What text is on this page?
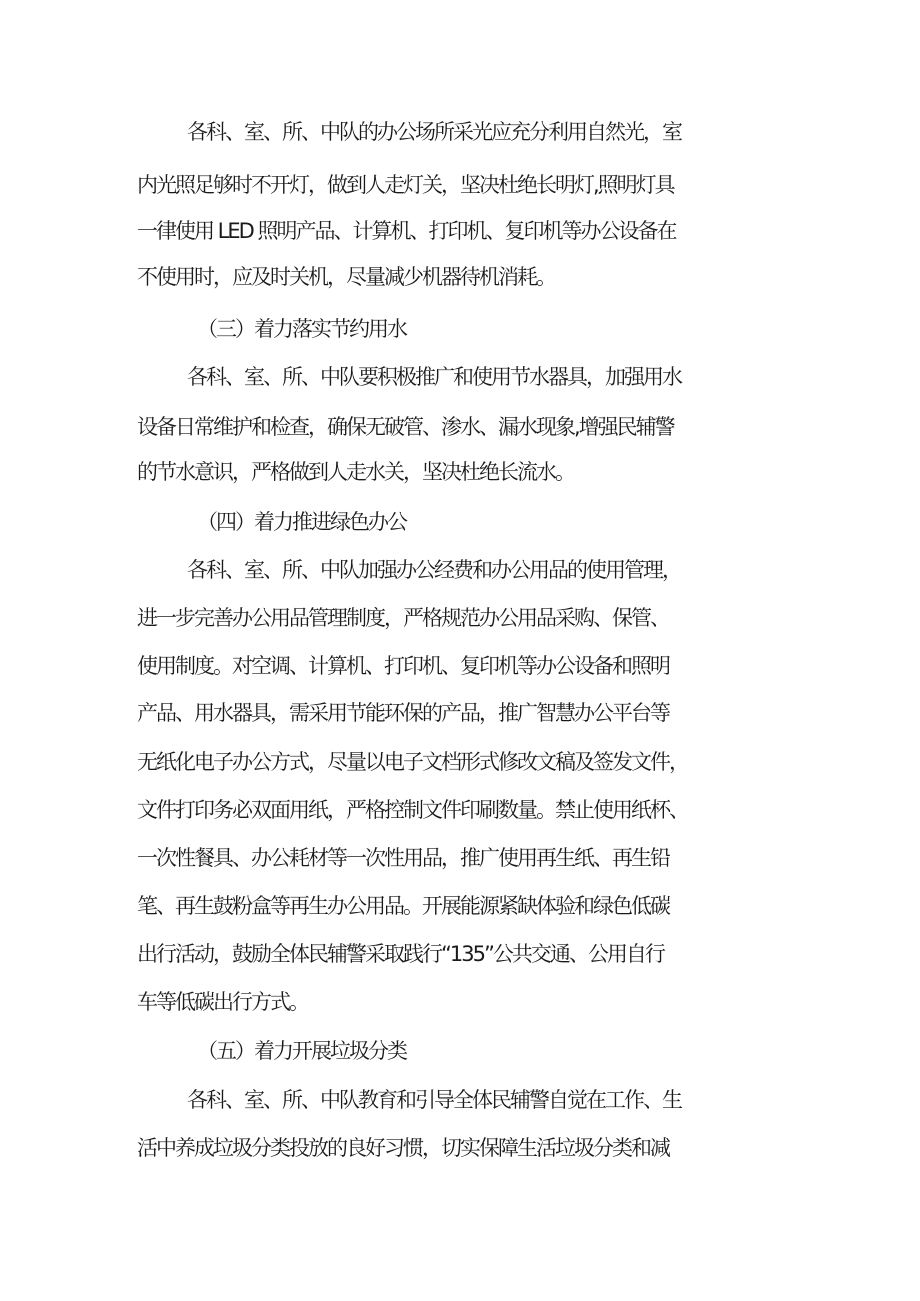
各科、室、所、中队的办公场所采光应充分利用自然光，室
内光照足够时不开灯，做到人走灯关，坚决杜绝长明灯,照明灯具
一律使用 LED 照明产品、计算机、打印机、复印机等办公设备在
不使用时，应及时关机，尽量减少机器待机消耗。
（三）着力落实节约用水
各科、室、所、中队要积极推广和使用节水器具，加强用水
设备日常维护和检查，确保无破管、渗水、漏水现象,增强民辅警
的节水意识，严格做到人走水关，坚决杜绝长流水。
（四）着力推进绿色办公
各科、室、所、中队加强办公经费和办公用品的使用管理，
进一步完善办公用品管理制度，严格规范办公用品采购、保管、
使用制度。对空调、计算机、打印机、复印机等办公设备和照明
产品、用水器具，需采用节能环保的产品，推广智慧办公平台等
无纸化电子办公方式，尽量以电子文档形式修改文稿及签发文件，
文件打印务必双面用纸，严格控制文件印刷数量。禁止使用纸杯、
一次性餐具、办公耗材等一次性用品，推广使用再生纸、再生铅
笔、再生鼓粉盒等再生办公用品。开展能源紧缺体验和绿色低碳
出行活动，鼓励全体民辅警采取践行“135”公共交通、公用自行
车等低碳出行方式。
（五）着力开展垃圾分类
各科、室、所、中队教育和引导全体民辅警自觉在工作、生
活中养成垃圾分类投放的良好习惯，切实保障生活垃圾分类和减
